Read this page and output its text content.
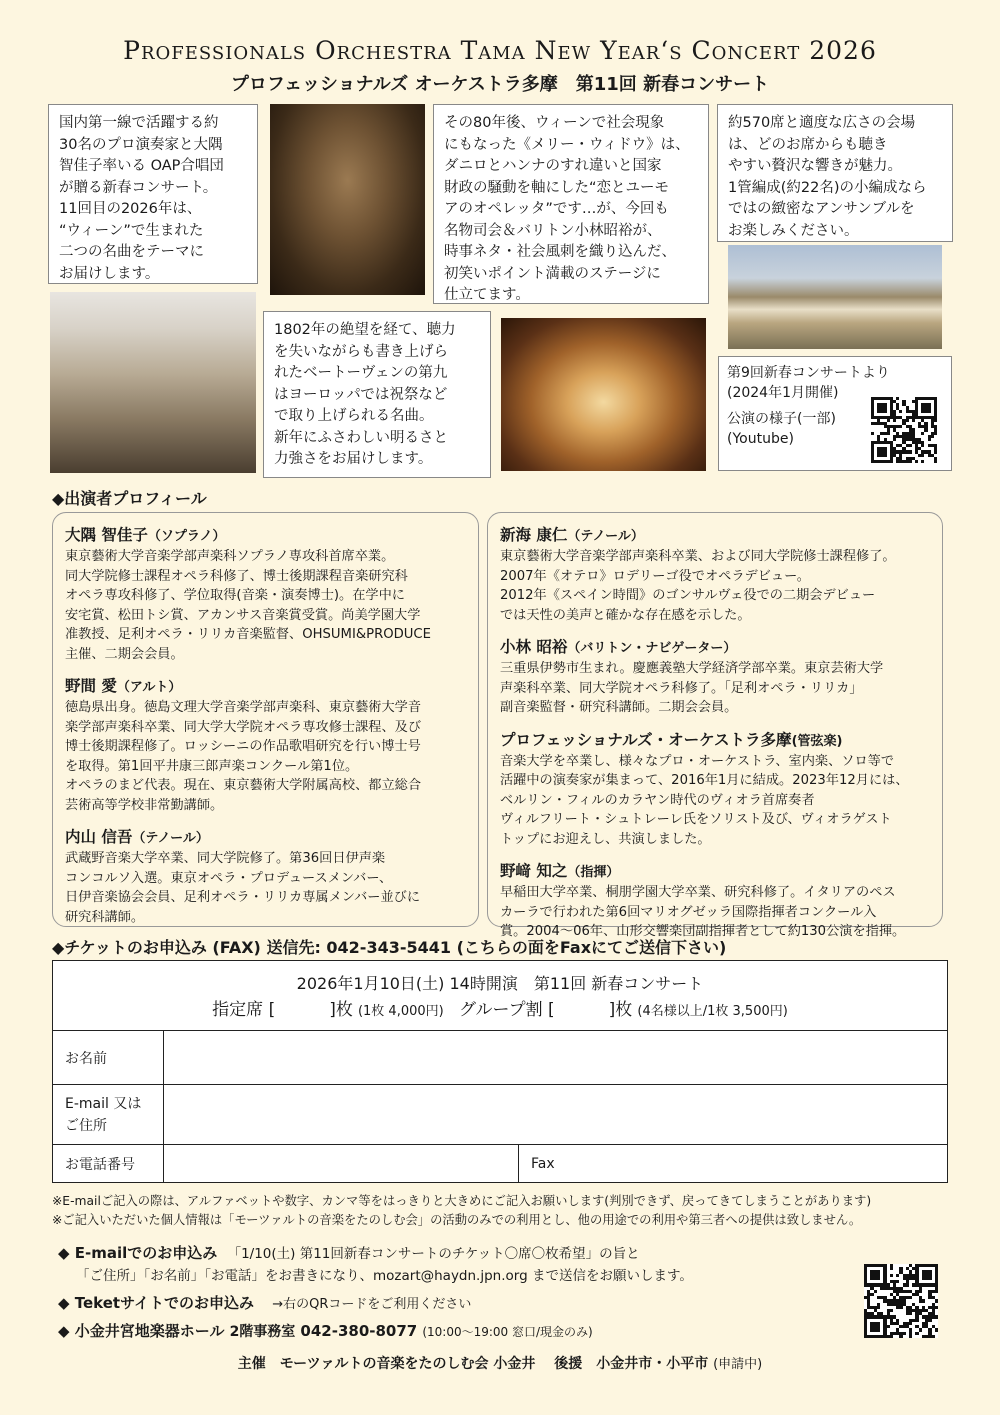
Professionals Orchestra Tama New Year‘s Concert 2026
プロフェッショナルズ オーケストラ多摩　第11回 新春コンサート
国内第一線で活躍する約
30名のプロ演奏家と大隅
智佳子率いる OAP合唱団
が贈る新春コンサート。
11回目の2026年は、
“ウィーン”で生まれた
二つの名曲をテーマに
お届けします。
その80年後、ウィーンで社会現象
にもなった《メリー・ウィドウ》は、
ダニロとハンナのすれ違いと国家
財政の騒動を軸にした“恋とユーモ
アのオペレッタ”です…が、今回も
名物司会＆バリトン小林昭裕が、
時事ネタ・社会風刺を織り込んだ、
初笑いポイント満載のステージに
仕立てます。
約570席と適度な広さの会場
は、どのお席からも聴き
やすい贅沢な響きが魅力。
1管編成(約22名)の小編成なら
ではの緻密なアンサンブルを
お楽しみください。
1802年の絶望を経て、聴力
を失いながらも書き上げら
れたベートーヴェンの第九
はヨーロッパでは祝祭など
で取り上げられる名曲。
新年にふさわしい明るさと
力強さをお届けします。
第9回新春コンサートより
(2024年1月開催)
公演の様子(一部)
(Youtube)
◆出演者プロフィール
大隅 智佳子（ソプラノ）
東京藝術大学音楽学部声楽科ソプラノ専攻科首席卒業。
同大学院修士課程オペラ科修了、博士後期課程音楽研究科
オペラ専攻科修了、学位取得(音楽・演奏博士)。在学中に
安宅賞、松田トシ賞、アカンサス音楽賞受賞。尚美学園大学
准教授、足利オペラ・リリカ音楽監督、OHSUMI&PRODUCE
主催、二期会会員。
野間 愛（アルト）
徳島県出身。徳島文理大学音楽学部声楽科、東京藝術大学音
楽学部声楽科卒業、同大学大学院オペラ専攻修士課程、及び
博士後期課程修了。ロッシーニの作品歌唱研究を行い博士号
を取得。第1回平井康三郎声楽コンクール第1位。
オペラのまど代表。現在、東京藝術大学附属高校、都立総合
芸術高等学校非常勤講師。
内山 信吾（テノール）
武蔵野音楽大学卒業、同大学院修了。第36回日伊声楽
コンコルソ入選。東京オペラ・プロデュースメンバー、
日伊音楽協会会員、足利オペラ・リリカ専属メンバー並びに
研究科講師。
新海 康仁（テノール）
東京藝術大学音楽学部声楽科卒業、および同大学院修士課程修了。
2007年《オテロ》ロデリーゴ役でオペラデビュー。
2012年《スペイン時間》のゴンサルヴェ役での二期会デビュー
では天性の美声と確かな存在感を示した。
小林 昭裕（バリトン・ナビゲーター）
三重県伊勢市生まれ。慶應義塾大学経済学部卒業。東京芸術大学
声楽科卒業、同大学院オペラ科修了。「足利オペラ・リリカ」
副音楽監督・研究科講師。二期会会員。
プロフェッショナルズ・オーケストラ多摩(管弦楽)
音楽大学を卒業し、様々なプロ・オーケストラ、室内楽、ソロ等で
活躍中の演奏家が集まって、2016年1月に結成。2023年12月には、
ベルリン・フィルのカラヤン時代のヴィオラ首席奏者
ヴィルフリート・シュトレーレ氏をソリスト及び、ヴィオラゲスト
トップにお迎えし、共演しました。
野﨑 知之（指揮）
早稲田大学卒業、桐朋学園大学卒業、研究科修了。イタリアのペス
カーラで行われた第6回マリオグゼッラ国際指揮者コンクール入
賞。2004～06年、山形交響楽団副指揮者として約130公演を指揮。
◆チケットのお申込み (FAX) 送信先: 042-343-5441 (こちらの面をFaxにてご送信下さい)
2026年1月10日(土) 14時開演　第11回 新春コンサート
指定席 [ ]枚 (1枚 4,000円) グループ割 [ ]枚 (4名様以上/1枚 3,500円)		

お名前		

E-mail 又は
ご住所		

お電話番号		Fax
※E-mailご記入の際は、アルファベットや数字、カンマ等をはっきりと大きめにご記入お願いします(判別できず、戻ってきてしまうことがあります)
※ご記入いただいた個人情報は「モーツァルトの音楽をたのしむ会」の活動のみでの利用とし、他の用途での利用や第三者への提供は致しません。
◆ E-mailでのお申込み 「1/10(土) 第11回新春コンサートのチケット〇席〇枚希望」の旨と
「ご住所」「お名前」「お電話」をお書きになり、mozart@haydn.jpn.org まで送信をお願いします。
◆ Teketサイトでのお申込み →右のQRコードをご利用ください
◆ 小金井宮地楽器ホール 2階事務室 042-380-8077 (10:00～19:00 窓口/現金のみ)
主催　モーツァルトの音楽をたのしむ会 小金井　 後援　小金井市・小平市 (申請中)
